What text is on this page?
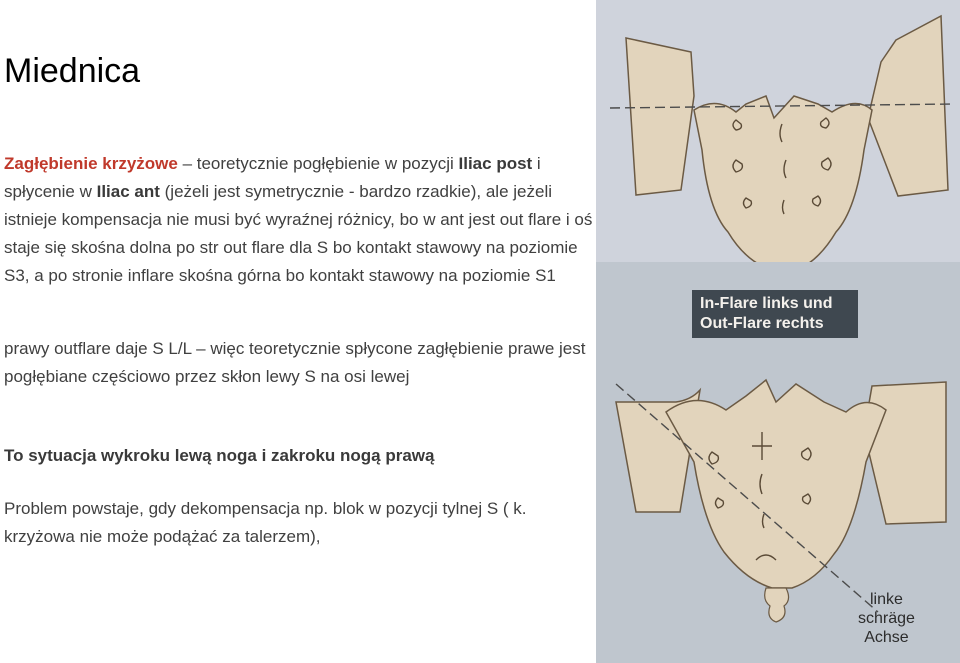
Miednica
Zagłębienie krzyżowe – teoretycznie pogłębienie w pozycji Iliac post i spłycenie w Iliac ant (jeżeli jest symetrycznie - bardzo rzadkie), ale jeżeli istnieje kompensacja nie musi być wyraźnej różnicy, bo w ant jest out flare i oś staje się skośna dolna po str out flare dla S bo kontakt stawowy na poziomie S3, a po stronie inflare skośna górna bo kontakt stawowy na poziomie S1
prawy outflare daje S L/L – więc teoretycznie spłycone zagłębienie prawe jest pogłębiane częściowo przez skłon lewy S na osi lewej
To sytuacja wykroku lewą noga i zakroku nogą prawą
Problem powstaje, gdy dekompensacja np. blok w pozycji tylnej S ( k. krzyżowa nie może podążać za talerzem),
In-Flare links und
Out-Flare rechts
linke
schräge
Achse
